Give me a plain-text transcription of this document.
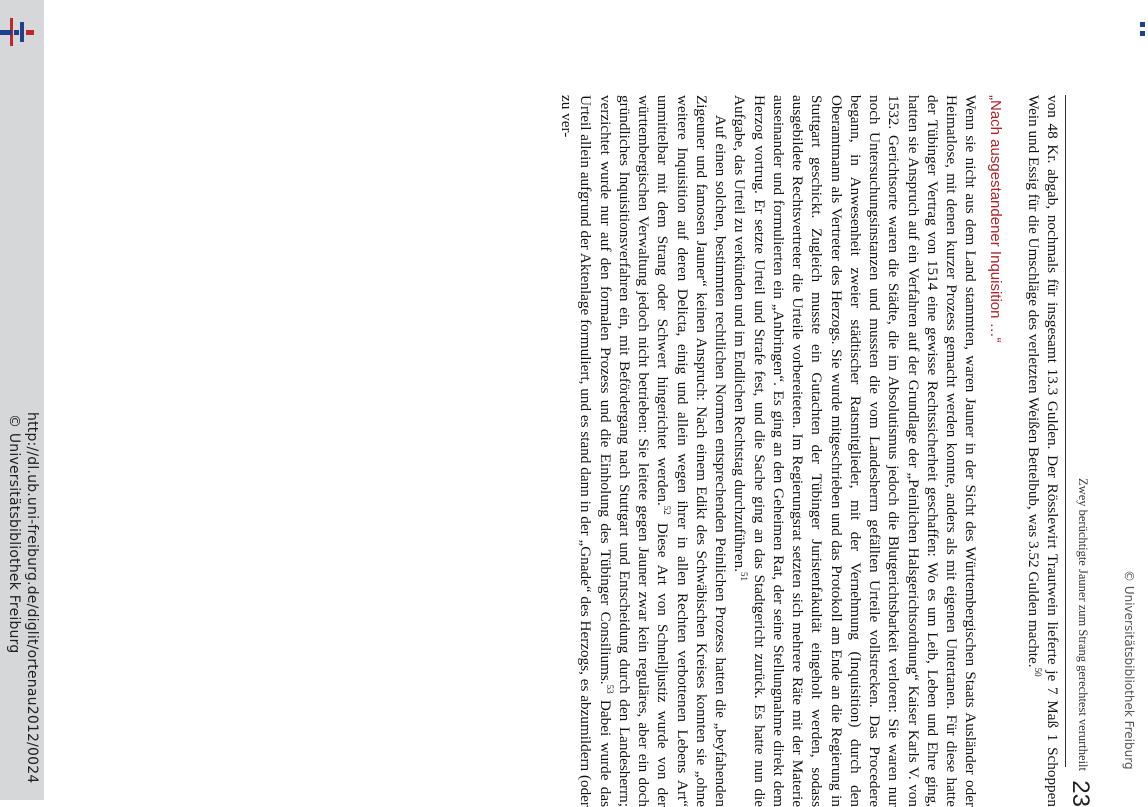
© Universitätsbibliothek Freiburg http://dl.ub.uni-freiburg.de/diglit/ortenau2012/0024	© Universitätsbibliothek Freiburg
Zwey berüchtigte Jauner zum Strang gerechtest verurtheilt
23

von 48 Kr. abgab, nochmals für insgesamt 13.3 Gulden. Der Rösslewirt Trautwein lieferte je 7 Maß 1 Schoppen Wein und Essig für die Umschläge des verletzten Weißen Bettelbub, was 3.52 Gulden machte.$^{50}$

„Nach ausgestandener Inquisition …“

Wenn sie nicht aus dem Land stammten, waren Jauner in der Sicht des Württembergischen Staats Ausländer oder Heimatlose, mit denen kurzer Prozess gemacht werden konnte, anders als mit eigenen Untertanen. Für diese hatte der Tübinger Vertrag von 1514 eine gewisse Rechtssicherheit geschaffen: Wo es um Leib, Leben und Ehre ging, hatten sie Anspruch auf ein Verfahren auf der Grundlage der „Peinlichen Halsgerichtsordnung“ Kaiser Karls V. von 1532. Gerichtsorte waren die Städte, die im Absolutismus jedoch die Blutgerichtsbarkeit verloren: Sie waren nur noch Untersuchungsinstanzen und mussten die vom Landesherrn gefällten Urteile vollstrecken. Das Procedere begann, in Anwesenheit zweier städtischer Ratsmitglieder, mit der Vernehmung (Inquisition) durch den Oberamtmann als Vertreter des Herzogs. Sie wurde mitgeschrieben und das Protokoll am Ende an die Regierung in Stuttgart geschickt. Zugleich musste ein Gutachten der Tübinger Juristenfakultät eingeholt werden, sodass ausgebildete Rechtsvertreter die Urteile vorbereiteten. Im Regierungsrat setzten sich mehrere Räte mit der Materie auseinander und formulierten ein „Anbringen“. Es ging an den Geheimen Rat, der seine Stellungnahme direkt dem Herzog vortrug. Er setzte Urteil und Strafe fest, und die Sache ging an das Stadtgericht zurück. Es hatte nun die Aufgabe, das Urteil zu verkünden und im Endlichen Rechtstag durchzuführen.$^{51}$

Auf einen solchen, bestimmten rechtlichen Normen entsprechenden Peinlichen Prozess hatten die „beyfahenden Zigeuner und famosen Jauner“ keinen Anspruch: Nach einem Edikt des Schwäbischen Kreises konnten sie „ohne weitere Inquisition auf deren Delicta, einig und allein wegen ihrer in allen Rechten verbottenen Lebens Art“ unmittelbar mit dem Strang oder Schwert hingerichtet werden.$^{52}$ Diese Art von Schnelljustiz wurde von der württembergischen Verwaltung jedoch nicht betrieben: Sie leitete gegen Jauner zwar kein reguläres, aber ein doch gründliches Inquisitionsverfahren ein, mit Befördergang nach Stuttgart und Entscheidung durch den Landesherrn; verzichtet wurde nur auf den formalen Prozess und die Einholung des Tübinger Consiliums.$^{53}$ Dabei wurde das Urteil allein aufgrund der Aktenlage formuliert, und es stand dann in der „Gnade“ des Herzogs, es abzumildern (oder zu ver-
